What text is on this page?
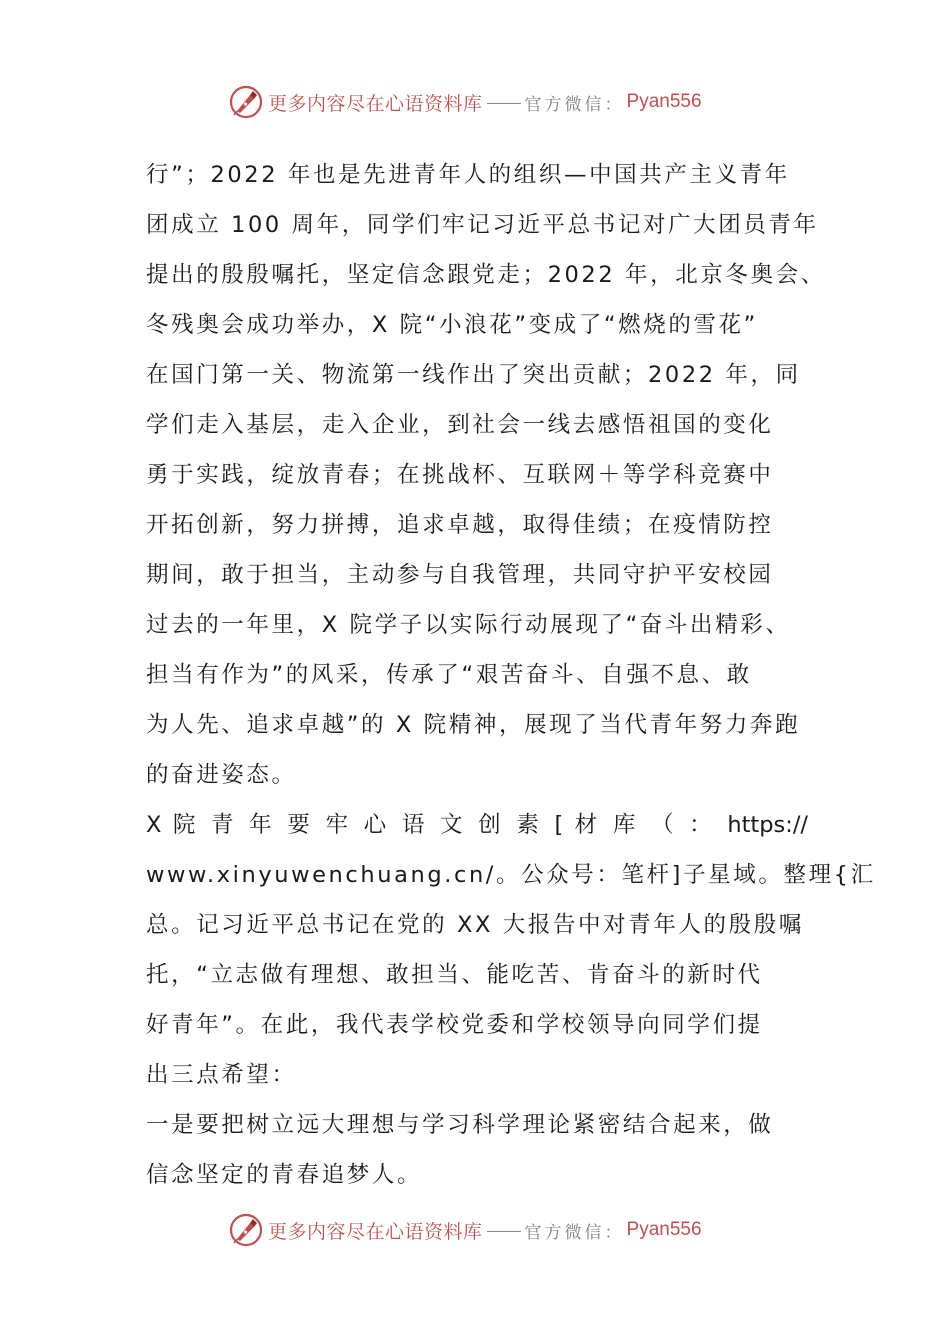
更多内容尽在心语资料库 官方微信： Pyan556
行”；2022 年也是先进青年人的组织—中国共产主义青年
团成立 100 周年，同学们牢记习近平总书记对广大团员青年
提出的殷殷嘱托，坚定信念跟党走；2022 年，北京冬奥会、
冬残奥会成功举办，X 院“小浪花”变成了“燃烧的雪花”
在国门第一关、物流第一线作出了突出贡献；2022 年，同
学们走入基层，走入企业，到社会一线去感悟祖国的变化
勇于实践，绽放青春；在挑战杯、互联网＋等学科竞赛中
开拓创新，努力拼搏，追求卓越，取得佳绩；在疫情防控
期间，敢于担当，主动参与自我管理，共同守护平安校园
过去的一年里，X 院学子以实际行动展现了“奋斗出精彩、
担当有作为”的风采，传承了“艰苦奋斗、自强不息、敢
为人先、追求卓越”的 X 院精神，展现了当代青年努力奔跑
的奋进姿态。
X 院 青 年 要 牢 心 语 文 创 素 [ 材 库 （ ： https://
www.xinyuwenchuang.cn/。公众号：笔杆]子星域。整理{汇
总。记习近平总书记在党的 XX 大报告中对青年人的殷殷嘱
托，“立志做有理想、敢担当、能吃苦、肯奋斗的新时代
好青年”。在此，我代表学校党委和学校领导向同学们提
出三点希望：
一是要把树立远大理想与学习科学理论紧密结合起来，做
信念坚定的青春追梦人。
更多内容尽在心语资料库 官方微信： Pyan556
